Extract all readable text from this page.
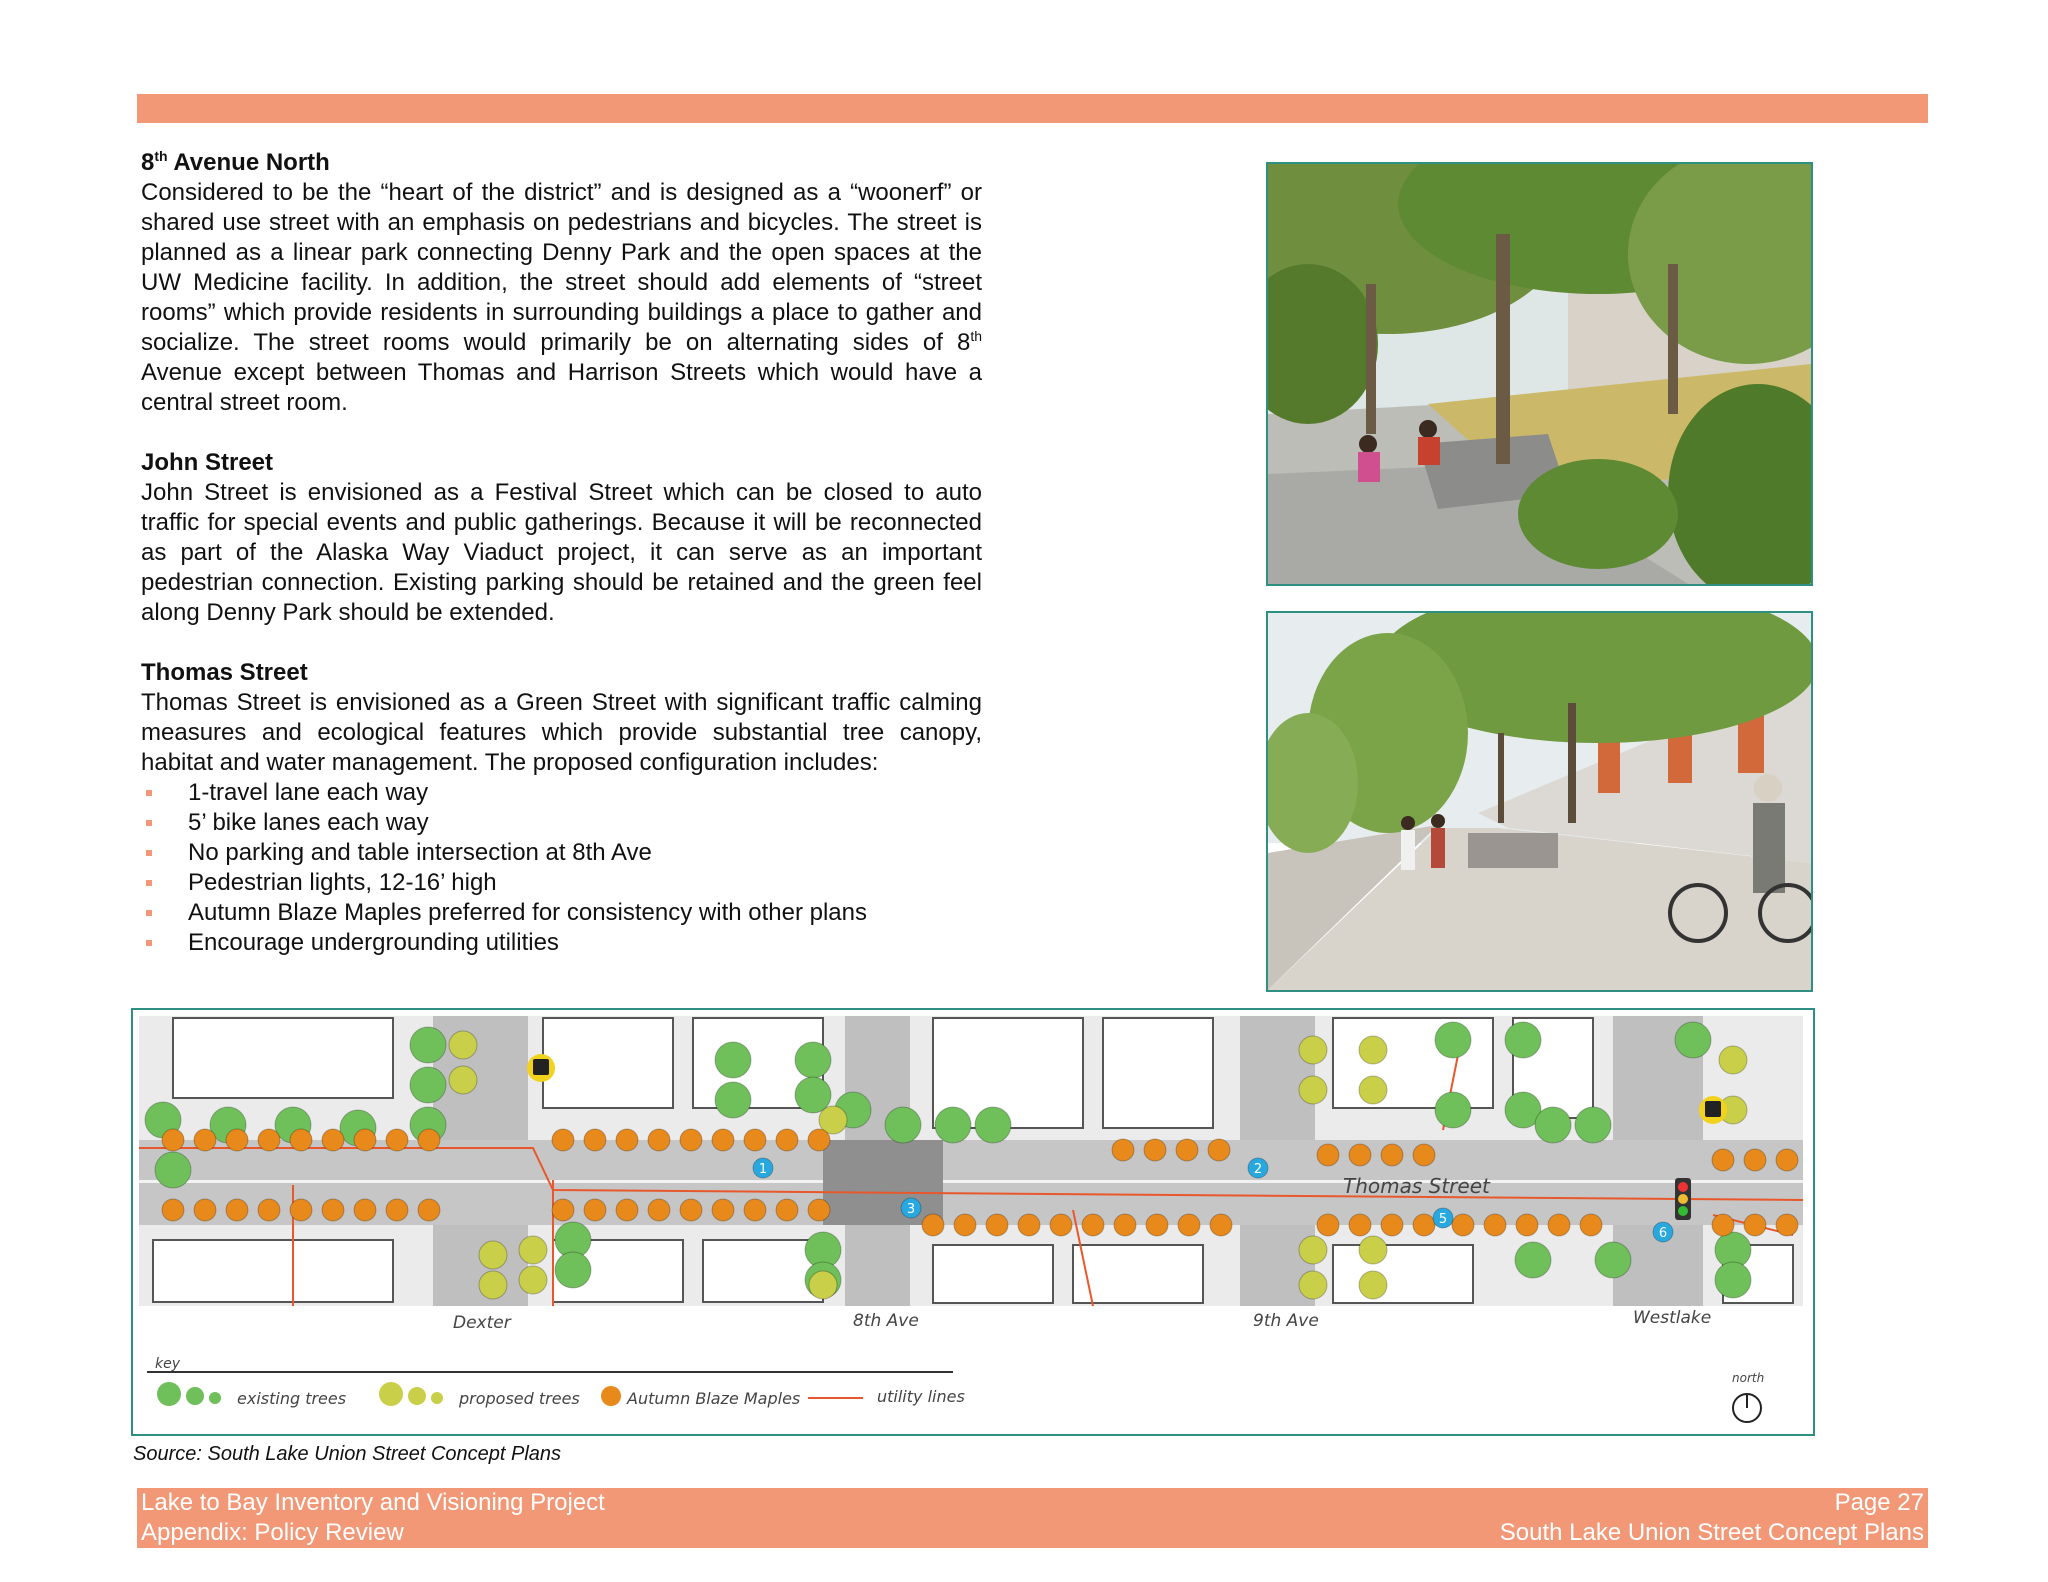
8th Avenue North

Considered to be the “heart of the district” and is designed as a “woonerf” or shared use street with an emphasis on pedestrians and bicycles. The street is planned as a linear park connecting Denny Park and the open spaces at the UW Medicine facility. In addition, the street should add elements of “street rooms” which provide residents in surrounding buildings a place to gather and socialize. The street rooms would primarily be on alternating sides of 8th Avenue except between Thomas and Harrison Streets which would have a central street room.

John Street

John Street is envisioned as a Festival Street which can be closed to auto traffic for special events and public gatherings. Because it will be reconnected as part of the Alaska Way Viaduct project, it can serve as an important pedestrian connection. Existing parking should be retained and the green feel along Denny Park should be extended.

Thomas Street

Thomas Street is envisioned as a Green Street with significant traffic calming measures and ecological features which provide substantial tree canopy, habitat and water management. The proposed configuration includes:

1-travel lane each way
5’ bike lanes each way
No parking and table intersection at 8th Ave
Pedestrian lights, 12-16’ high
Autumn Blaze Maples preferred for consistency with other plans
Encourage undergrounding utilities
Thomas Street
1	2
3
5
6
Dexter	8th Ave	9th Ave	Westlake
key
existing trees	proposed trees	Autumn Blaze Maples	utility lines
north
Source: South Lake Union Street Concept Plans
Lake to Bay Inventory and Visioning Project
Appendix: Policy Review
Page 27
South Lake Union Street Concept Plans
